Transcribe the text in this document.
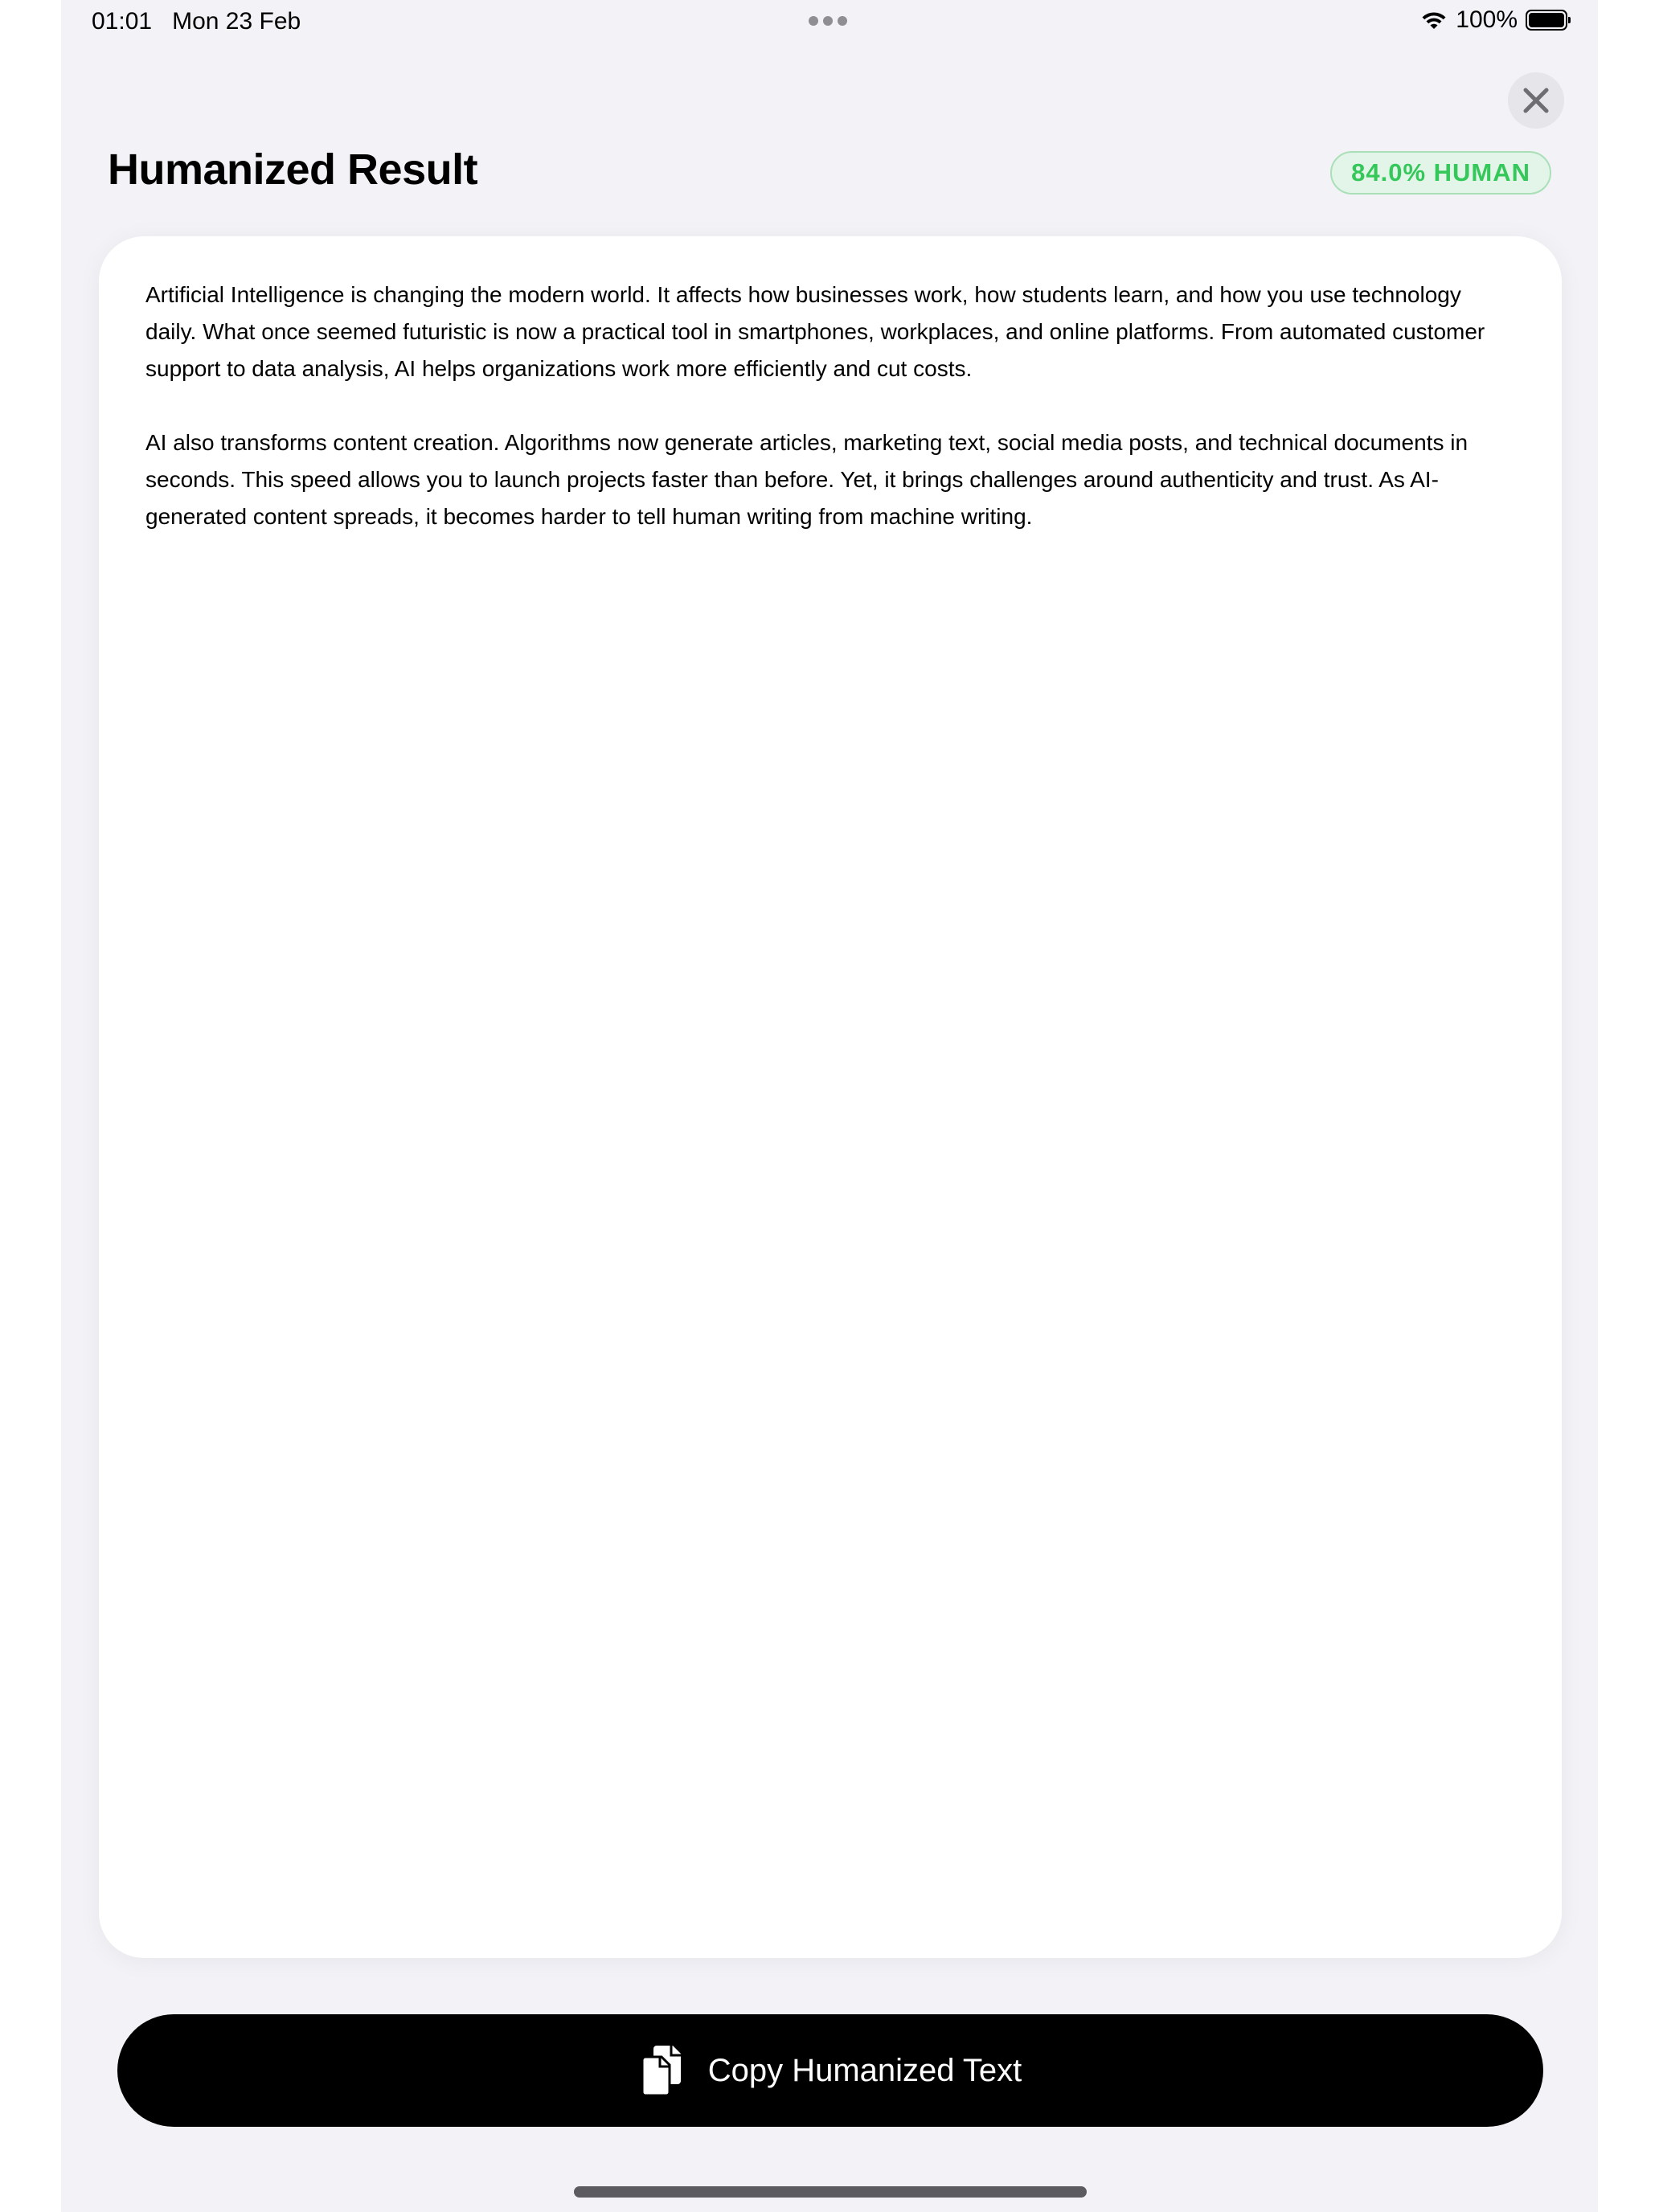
01:01 Mon 23 Feb	100%
Humanized Result	84.0% HUMAN

Artificial Intelligence is changing the modern world. It affects how businesses work, how students learn, and how you use technology daily. What once seemed futuristic is now a practical tool in smartphones, workplaces, and online platforms. From automated customer support to data analysis, AI helps organizations work more efficiently and cut costs.

AI also transforms content creation. Algorithms now generate articles, marketing text, social media posts, and technical documents in seconds. This speed allows you to launch projects faster than before. Yet, it brings challenges around authenticity and trust. As AI-generated content spreads, it becomes harder to tell human writing from machine writing.

Copy Humanized Text
